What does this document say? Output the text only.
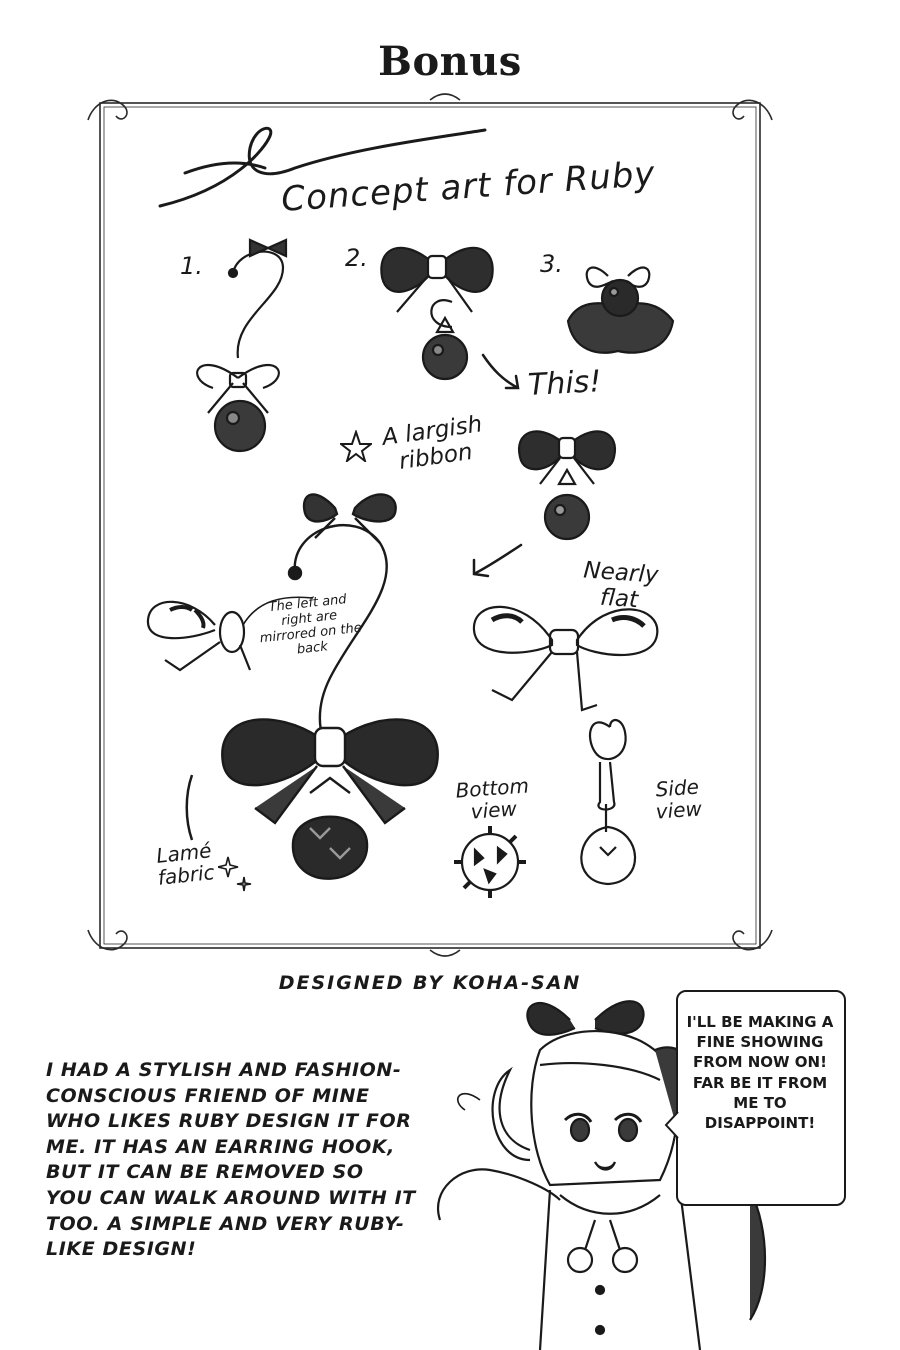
Bonus
Concept art for Ruby
1.	2.	3.
This!
A largish ribbon
The left and right are mirrored on the back
Nearly flat
Bottom view
Side view
Lamé fabric
DESIGNED BY KOHA-SAN
I HAD A STYLISH AND FASHION-CONSCIOUS FRIEND OF MINE WHO LIKES RUBY DESIGN IT FOR ME. IT HAS AN EARRING HOOK, BUT IT CAN BE REMOVED SO YOU CAN WALK AROUND WITH IT TOO. A SIMPLE AND VERY RUBY-LIKE DESIGN!
I'LL BE MAKING A FINE SHOWING FROM NOW ON! FAR BE IT FROM ME TO DISAPPOINT!
